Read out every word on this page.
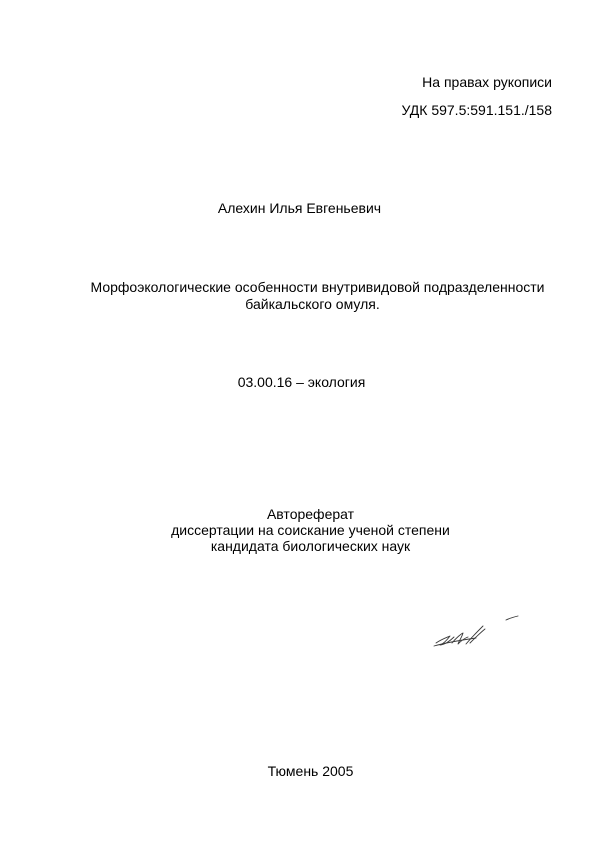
На правах рукописи
УДК 597.5:591.151./158
Алехин Илья Евгеньевич
Морфоэкологические особенности внутривидовой подразделенности
байкальского омуля.
03.00.16 – экология
Автореферат
диссертации на соискание ученой степени
кандидата биологических наук
Тюмень 2005
